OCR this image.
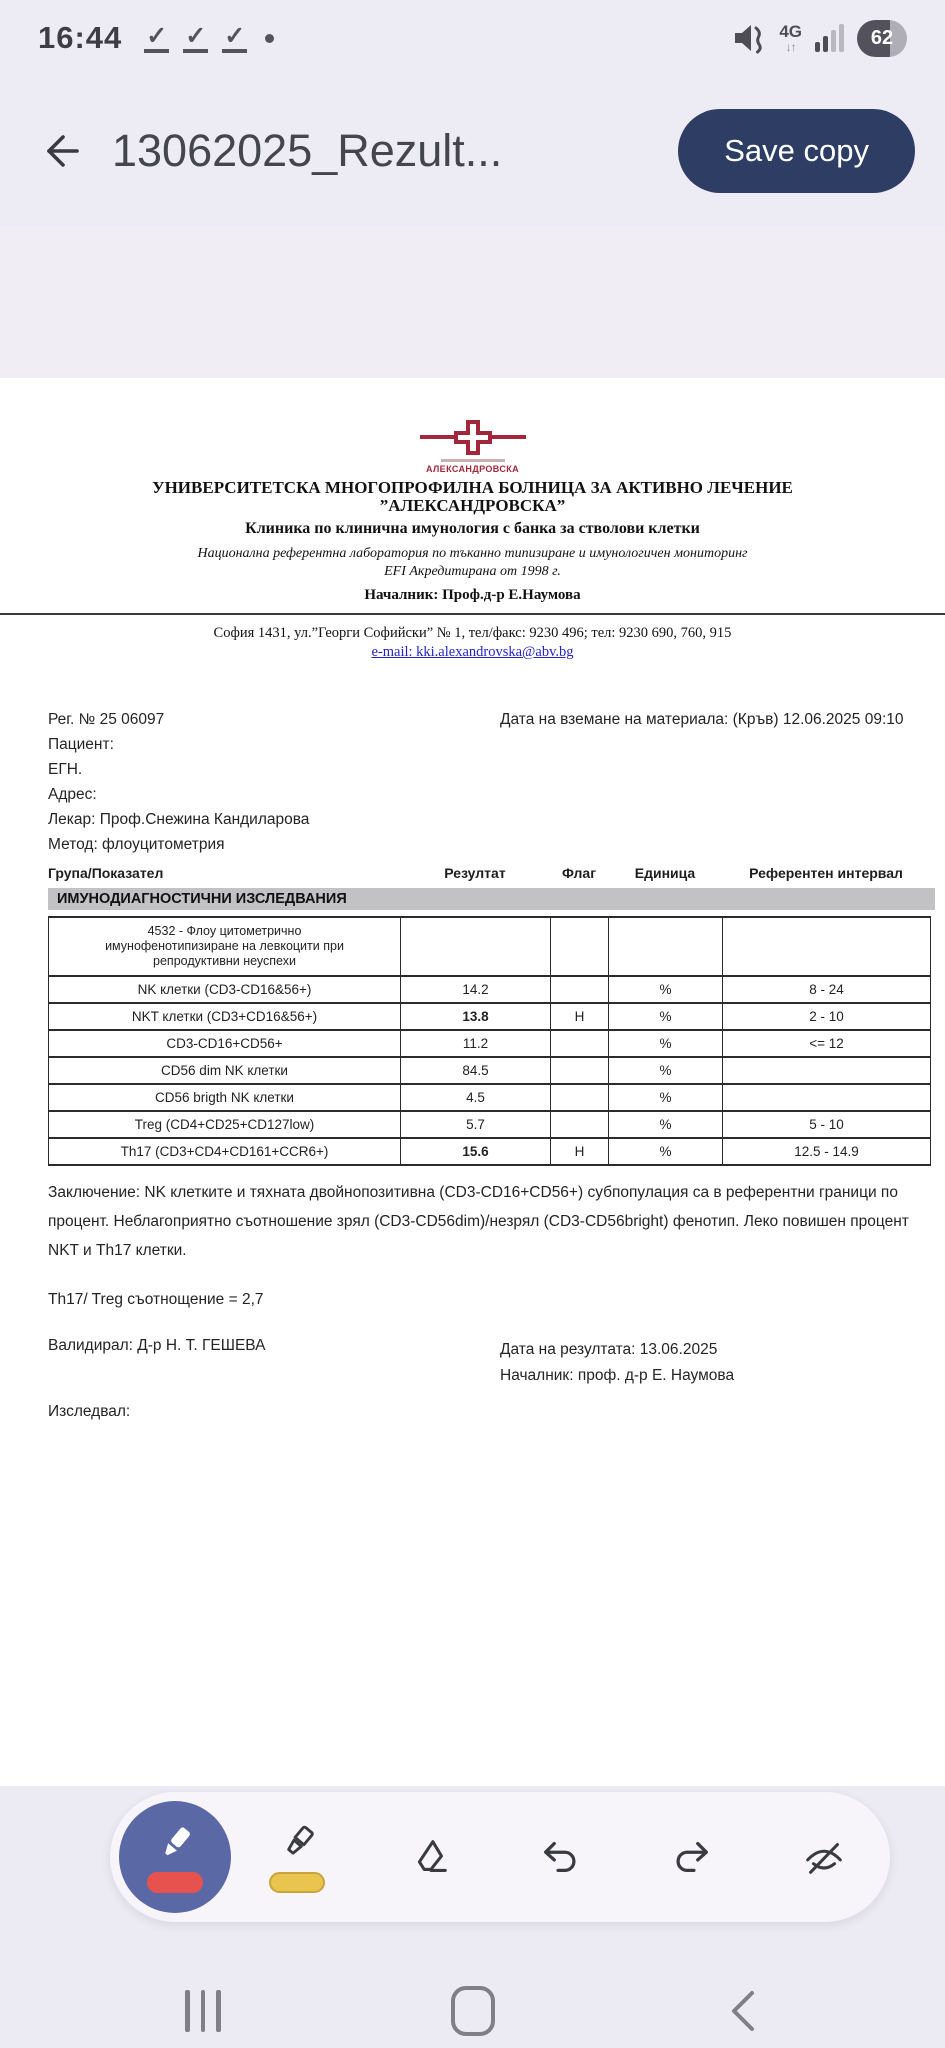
16:44 ✓ ✓ ✓	4G
↓↑	62
13062025_Rezult...	Save copy
АЛЕКСАНДРОВСКА
УНИВЕРСИТЕТСКА МНОГОПРОФИЛНА БОЛНИЦА ЗА АКТИВНО ЛЕЧЕНИЕ
”АЛЕКСАНДРОВСКА”
Клиника по клинична имунология с банка за стволови клетки
Национална референтна лаборатория по тъканно типизиране и имунологичен мониторинг
EFI Акредитирана от 1998 г.
Началник: Проф.д-р Е.Наумова
София 1431, ул.”Георги Софийски” № 1, тел/факс: 9230 496; тел: 9230 690, 760, 915
e-mail: kki.alexandrovska@abv.bg
Рег. № 25 06097	Дата на вземане на материала: (Кръв) 12.06.2025 09:10
Пациент:
ЕГН.
Адрес:
Лекар: Проф.Снежина Кандиларова
Метод: флоуцитометрия
Група/Показател	Резултат	Флаг	Единица	Референтен интервал
ИМУНОДИАГНОСТИЧНИ ИЗСЛЕДВАНИЯ
4532 - Флоу цитометрично имунофенотипизиране на левкоцити при репродуктивни неуспехи				
NK клетки (CD3-CD16&56+)	14.2		%	8 - 24
NKT клетки (CD3+CD16&56+)	13.8	H	%	2 - 10
CD3-CD16+CD56+	11.2		%	<= 12
CD56 dim NK клетки	84.5		%	
CD56 brigth NK клетки	4.5		%	
Treg (CD4+CD25+CD127low)	5.7		%	5 - 10
Th17 (CD3+CD4+CD161+CCR6+)	15.6	H	%	12.5 - 14.9

Заключение: NK клетките и тяхната двойнопозитивна (CD3-CD16+CD56+) субпопулация са в референтни граници по процент. Неблагоприятно съотношение зрял (CD3-CD56dim)/незрял (CD3-CD56bright) фенотип. Леко повишен процент NKT и Th17 клетки.

Th17/ Treg съотнощение = 2,7

Валидирал: Д-р Н. Т. ГЕШЕВА
Изследвал:
Дата на резултата: 13.06.2025
Началник: проф. д-р Е. Наумова
